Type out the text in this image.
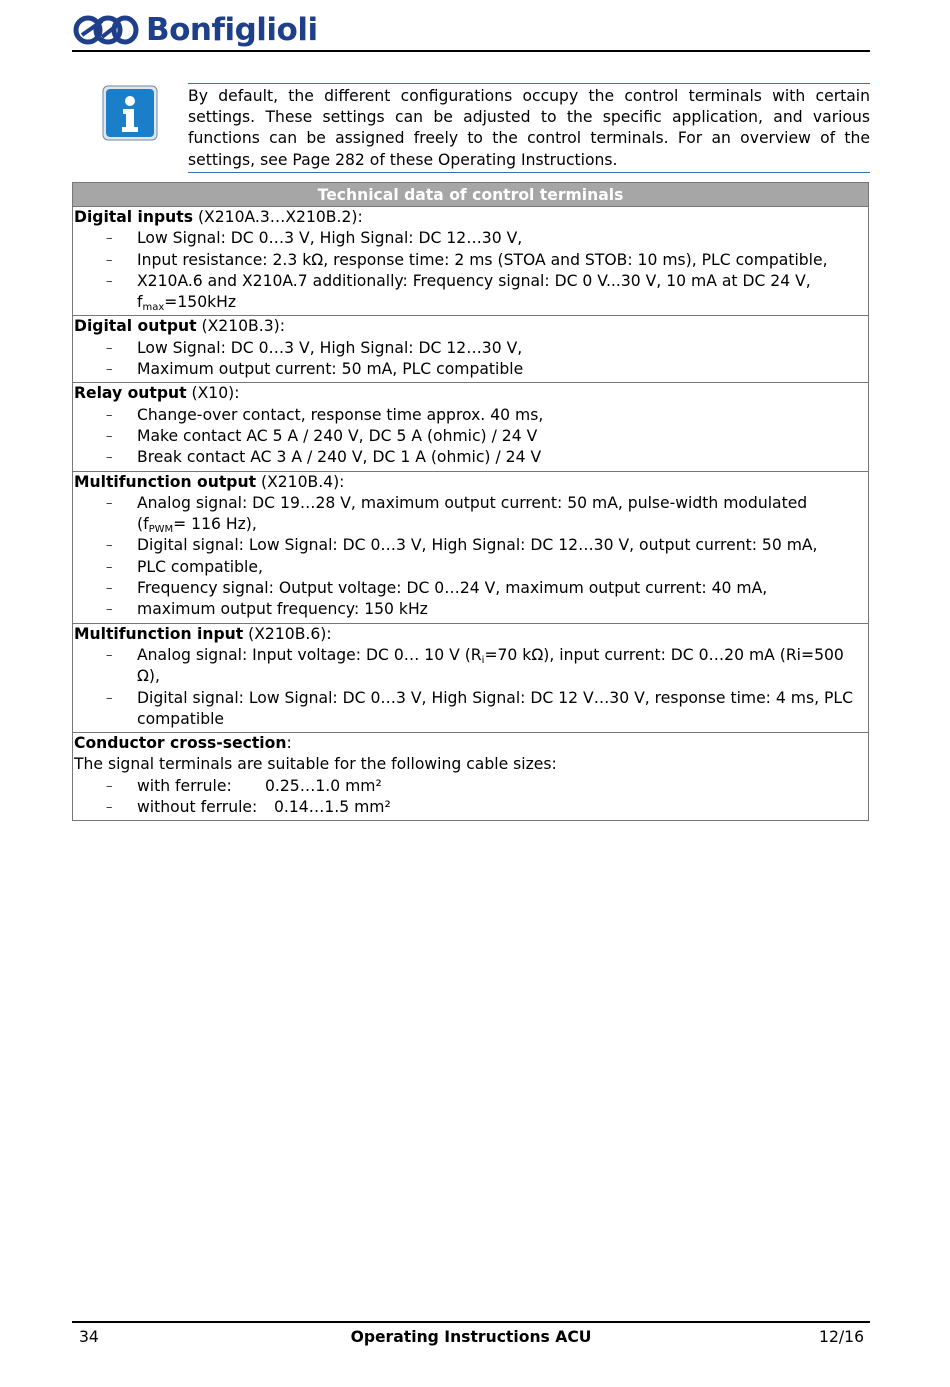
Bonfiglioli

By default, the different configurations occupy the control terminals with certain settings. These settings can be adjusted to the specific application, and various functions can be assigned freely to the control terminals. For an overview of the settings, see Page 282 of these Operating Instructions.

Technical data of control terminals

Digital inputs (X210A.3…X210B.2):
– Low Signal: DC 0…3 V, High Signal: DC 12…30 V,
– Input resistance: 2.3 kΩ, response time: 2 ms (STOA and STOB: 10 ms), PLC compatible,
– X210A.6 and X210A.7 additionally: Frequency signal: DC 0 V...30 V, 10 mA at DC 24 V, $f_{max}=150kHz$

Digital output (X210B.3):
– Low Signal: DC 0…3 V, High Signal: DC 12…30 V,
– Maximum output current: 50 mA, PLC compatible

Relay output (X10):
– Change-over contact, response time approx. 40 ms,
– Make contact AC 5 A / 240 V, DC 5 A (ohmic) / 24 V
– Break contact AC 3 A / 240 V, DC 1 A (ohmic) / 24 V

Multifunction output (X210B.4):
– Analog signal: DC 19…28 V, maximum output current: 50 mA, pulse-width modulated ($f_{PWM}= 116$ Hz),
– Digital signal: Low Signal: DC 0…3 V, High Signal: DC 12…30 V, output current: 50 mA,
– PLC compatible,
– Frequency signal: Output voltage: DC 0…24 V, maximum output current: 40 mA,
– maximum output frequency: 150 kHz

Multifunction input (X210B.6):
– Analog signal: Input voltage: DC 0… 10 V ($R_i=70$ kΩ), input current: DC 0…20 mA (Ri=500 Ω),
– Digital signal: Low Signal: DC 0…3 V, High Signal: DC 12 V…30 V, response time: 4 ms, PLC compatible

Conductor cross-section:
The signal terminals are suitable for the following cable sizes:
– with ferrule: 0.25…1.0 mm²
– without ferrule: 0.14…1.5 mm²
34	Operating Instructions ACU	12/16
